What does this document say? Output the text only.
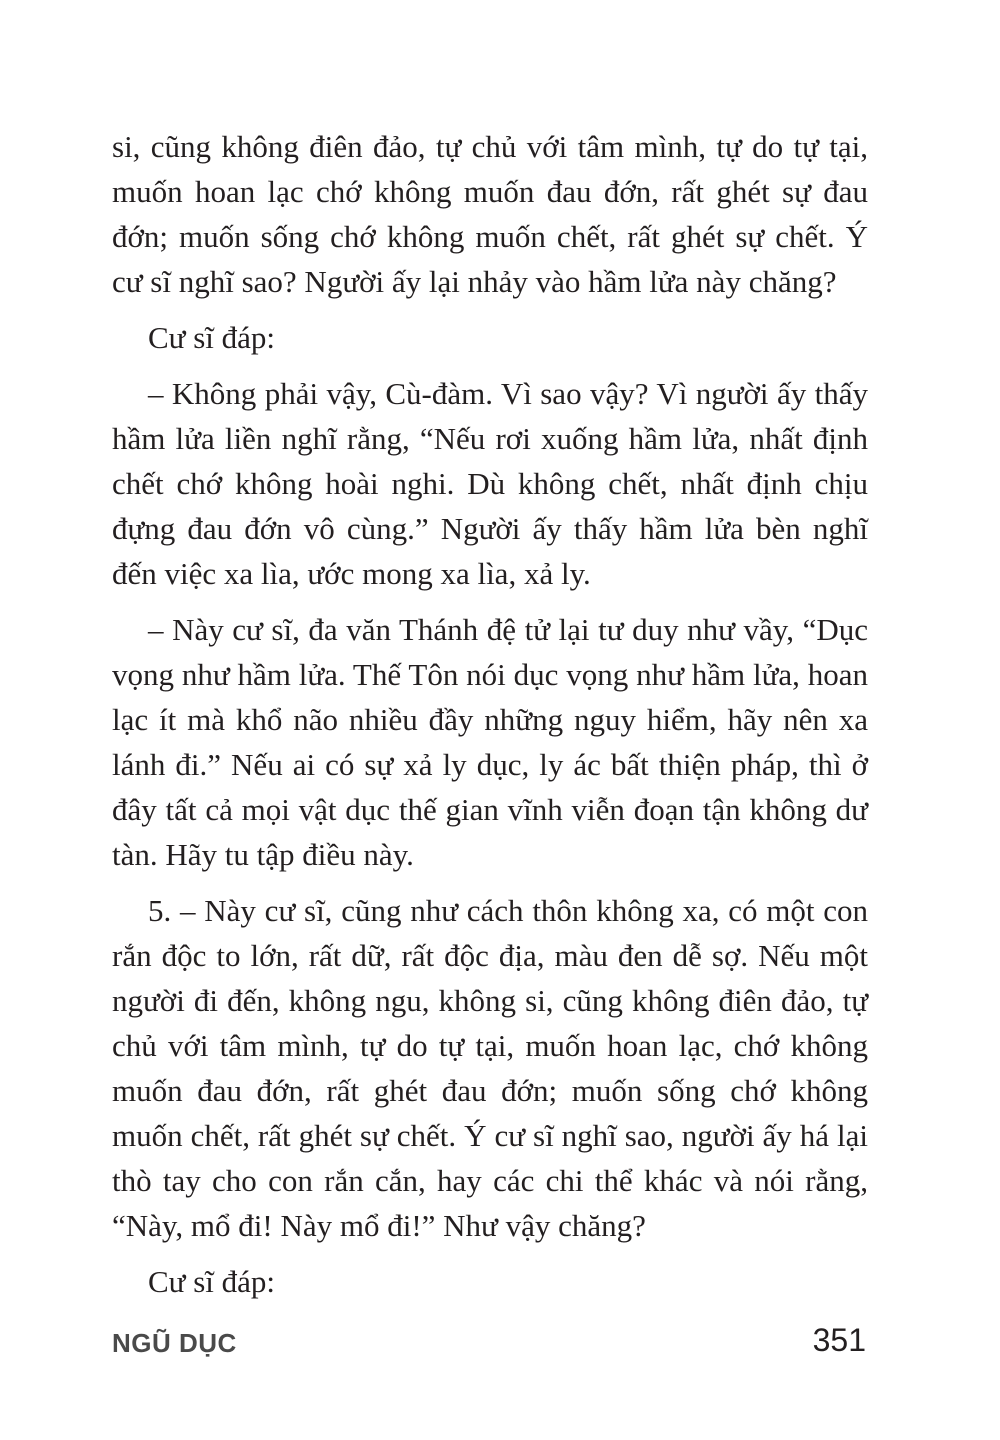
si, cũng không điên đảo, tự chủ với tâm mình, tự do tự tại, muốn hoan lạc chớ không muốn đau đớn, rất ghét sự đau đớn; muốn sống chớ không muốn chết, rất ghét sự chết. Ý cư sĩ nghĩ sao? Người ấy lại nhảy vào hầm lửa này chăng?

Cư sĩ đáp:

– Không phải vậy, Cù-đàm. Vì sao vậy? Vì người ấy thấy hầm lửa liền nghĩ rằng, “Nếu rơi xuống hầm lửa, nhất định chết chớ không hoài nghi. Dù không chết, nhất định chịu đựng đau đớn vô cùng.” Người ấy thấy hầm lửa bèn nghĩ đến việc xa lìa, ước mong xa lìa, xả ly.

– Này cư sĩ, đa văn Thánh đệ tử lại tư duy như vầy, “Dục vọng như hầm lửa. Thế Tôn nói dục vọng như hầm lửa, hoan lạc ít mà khổ não nhiều đầy những nguy hiểm, hãy nên xa lánh đi.” Nếu ai có sự xả ly dục, ly ác bất thiện pháp, thì ở đây tất cả mọi vật dục thế gian vĩnh viễn đoạn tận không dư tàn. Hãy tu tập điều này.

5. – Này cư sĩ, cũng như cách thôn không xa, có một con rắn độc to lớn, rất dữ, rất độc địa, màu đen dễ sợ. Nếu một người đi đến, không ngu, không si, cũng không điên đảo, tự chủ với tâm mình, tự do tự tại, muốn hoan lạc, chớ không muốn đau đớn, rất ghét đau đớn; muốn sống chớ không muốn chết, rất ghét sự chết. Ý cư sĩ nghĩ sao, người ấy há lại thò tay cho con rắn cắn, hay các chi thể khác và nói rằng, “Này, mổ đi! Này mổ đi!” Như vậy chăng?

Cư sĩ đáp:

NGŨ DỤC	351
